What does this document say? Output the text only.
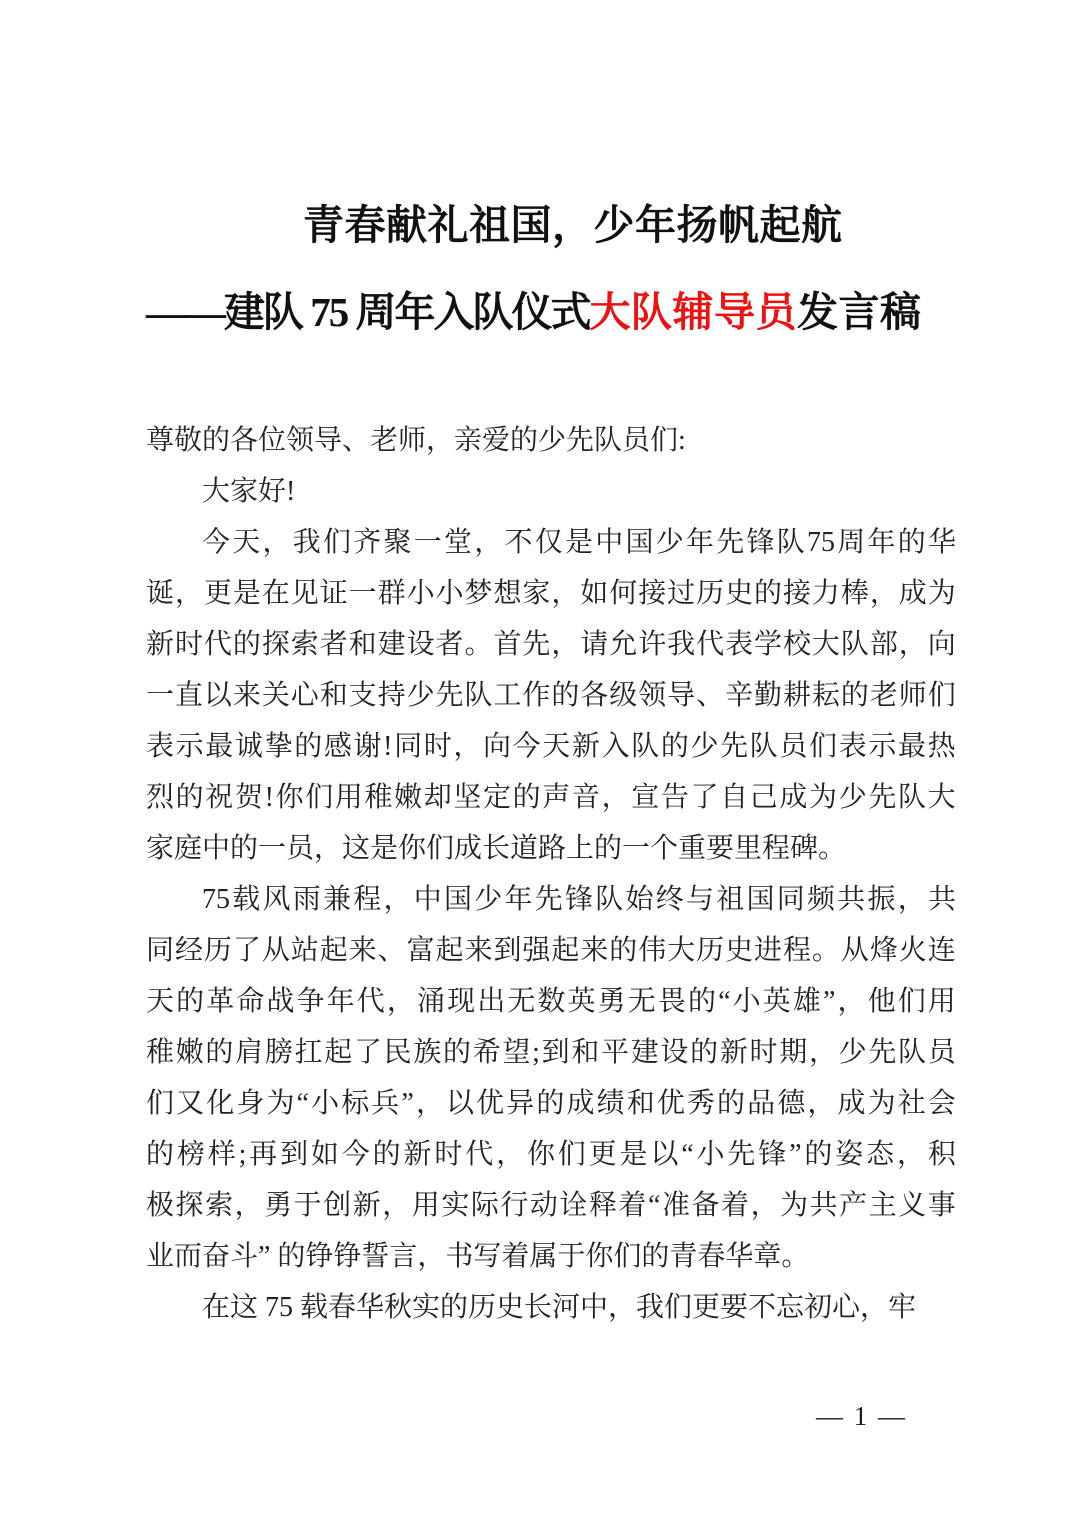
青春献礼祖国，少年扬帆起航
——建队 75 周年入队仪式大队辅导员发言稿
尊敬的各位领导、老师，亲爱的少先队员们:
大家好!
今 天 ， 我 们 齐 聚 一 堂 ， 不 仅 是 中 国 少 年 先 锋 队 75 周 年 的 华
诞 ， 更 是 在 见 证 一 群 小 小 梦 想 家 ， 如 何 接 过 历 史 的 接 力 棒 ， 成 为
新 时 代 的 探 索 者 和 建 设 者 。 首 先 ， 请 允 许 我 代 表 学 校 大 队 部 ， 向
一 直 以 来 关 心 和 支 持 少 先 队 工 作 的 各 级 领 导 、 辛 勤 耕 耘 的 老 师 们
表 示 最 诚 挚 的 感 谢 ! 同 时 ， 向 今 天 新 入 队 的 少 先 队 员 们 表 示 最 热
烈 的 祝 贺 ! 你 们 用 稚 嫩 却 坚 定 的 声 音 ， 宣 告 了 自 己 成 为 少 先 队 大
家庭中的一员，这是你们成长道路上的一个重要里程碑。
75 载 风 雨 兼 程 ， 中 国 少 年 先 锋 队 始 终 与 祖 国 同 频 共 振 ， 共
同 经 历 了 从 站 起 来 、 富 起 来 到 强 起 来 的 伟 大 历 史 进 程 。 从 烽 火 连
天 的 革 命 战 争 年 代 ， 涌 现 出 无 数 英 勇 无 畏 的 “ 小 英 雄 ” ， 他 们 用
稚 嫩 的 肩 膀 扛 起 了 民 族 的 希 望 ; 到 和 平 建 设 的 新 时 期 ， 少 先 队 员
们 又 化 身 为 “ 小 标 兵 ” ， 以 优 异 的 成 绩 和 优 秀 的 品 德 ， 成 为 社 会
的 榜 样 ; 再 到 如 今 的 新 时 代 ， 你 们 更 是 以 “ 小 先 锋 ” 的 姿 态 ， 积
极 探 索 ， 勇 于 创 新 ， 用 实 际 行 动 诠 释 着 “ 准 备 着 ， 为 共 产 主 义 事
业而奋斗” 的铮铮誓言，书写着属于你们的青春华章。
在这 75 载春华秋实的历史长河中，我们更要不忘初心，牢
— 1 —
